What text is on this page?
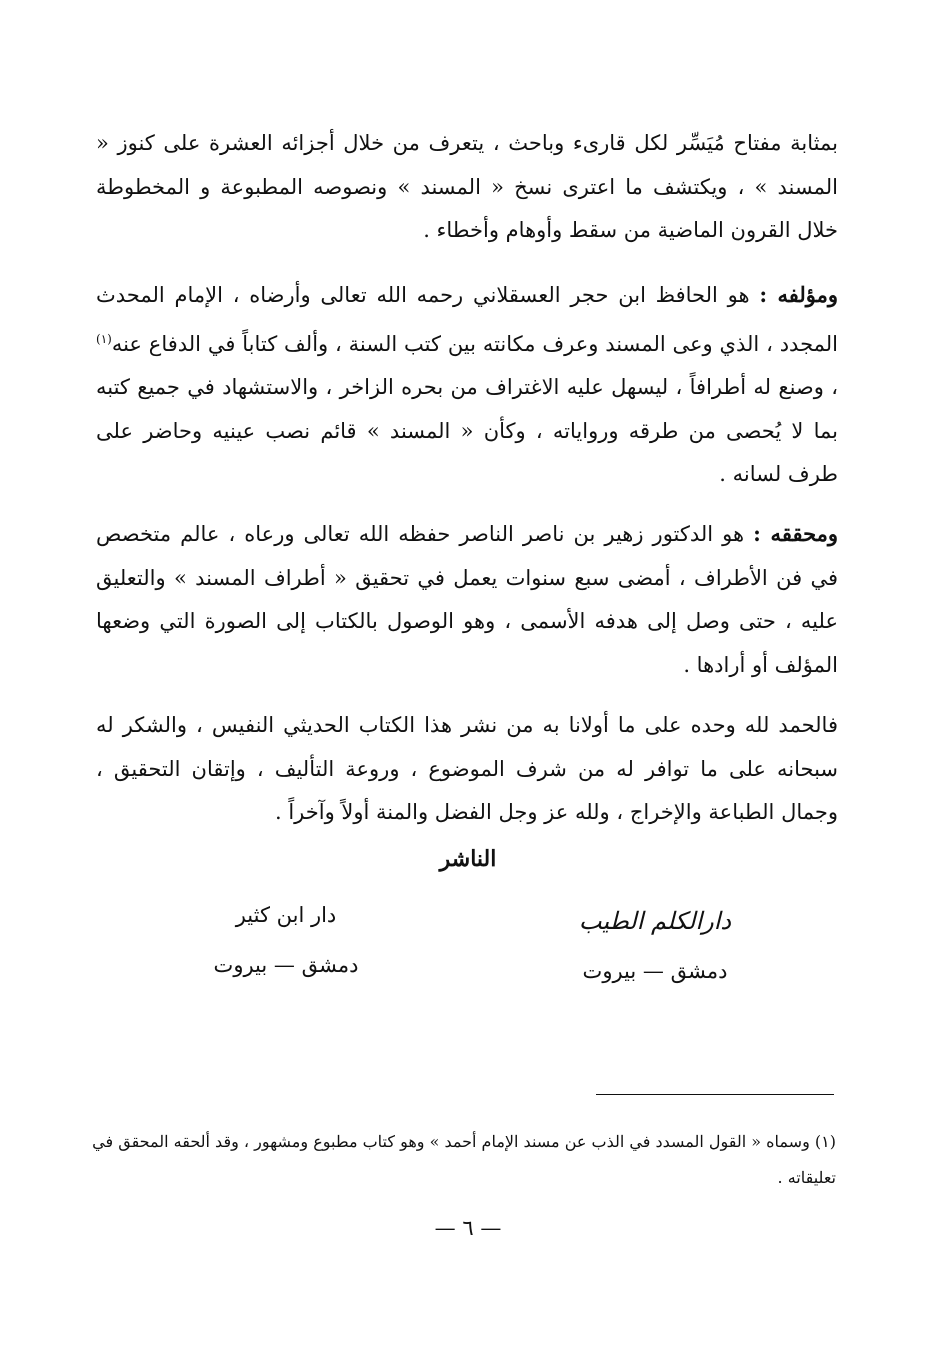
بمثابة مفتاح مُيَسِّر لكل قارىء وباحث ، يتعرف من خلال أجزائه العشرة على كنوز « المسند » ، ويكتشف ما اعترى نسخ « المسند » ونصوصه المطبوعة و المخطوطة خلال القرون الماضية من سقط وأوهام وأخطاء .

ومؤلفه : هو الحافظ ابن حجر العسقلاني رحمه الله تعالى وأرضاه ، الإمام المحدث المجدد ، الذي وعى المسند وعرف مكانته بين كتب السنة ، وألف كتاباً في الدفاع عنه$^{(١)}$ ، وصنع له أطرافاً ، ليسهل عليه الاغتراف من بحره الزاخر ، والاستشهاد في جميع كتبه بما لا يُحصى من طرقه ورواياته ، وكأن « المسند » قائم نصب عينيه وحاضر على طرف لسانه .

ومحققه : هو الدكتور زهير بن ناصر الناصر حفظه الله تعالى ورعاه ، عالم متخصص في فن الأطراف ، أمضى سبع سنوات يعمل في تحقيق « أطراف المسند » والتعليق عليه ، حتى وصل إلى هدفه الأسمى ، وهو الوصول بالكتاب إلى الصورة التي وضعها المؤلف أو أرادها .

فالحمد لله وحده على ما أولانا به من نشر هذا الكتاب الحديثي النفيس ، والشكر له سبحانه على ما توافر له من شرف الموضوع ، وروعة التأليف ، وإتقان التحقيق ، وجمال الطباعة والإخراج ، ولله عز وجل الفضل والمنة أولاً وآخراً .

الناشر
دارالكلم الطيب
دمشق — بيروت
دار ابن كثير
دمشق — بيروت

(١) وسماه « القول المسدد في الذب عن مسند الإمام أحمد » وهو كتاب مطبوع ومشهور ، وقد ألحقه المحقق في تعليقاته .

— ٦ —
